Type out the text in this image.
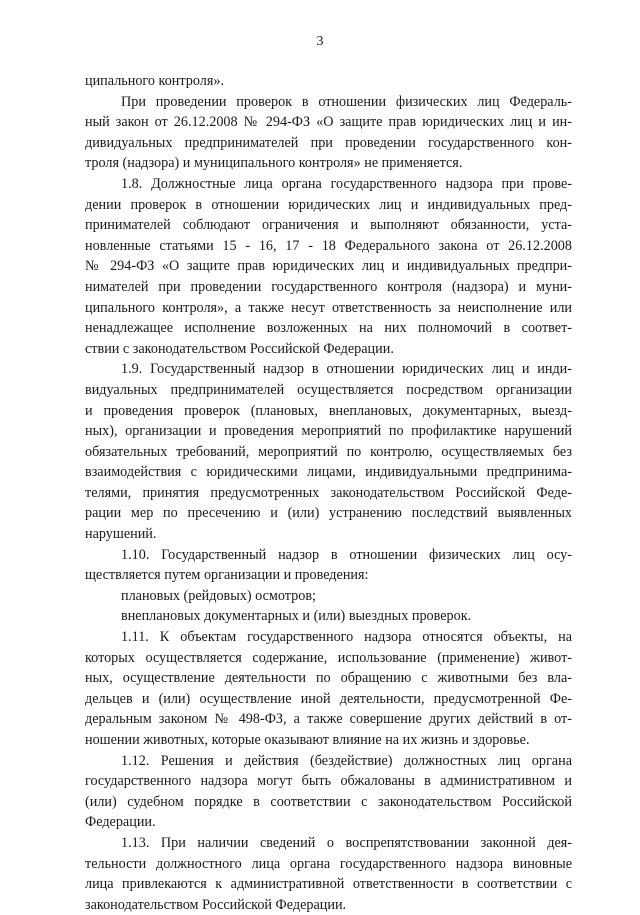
3
ципального контроля».
При проведении проверок в отношении физических лиц Федераль-
ный закон от 26.12.2008 № 294-ФЗ «О защите прав юридических лиц и ин-
дивидуальных предпринимателей при проведении государственного кон-
троля (надзора) и муниципального контроля» не применяется.
1.8. Должностные лица органа государственного надзора при прове-
дении проверок в отношении юридических лиц и индивидуальных пред-
принимателей соблюдают ограничения и выполняют обязанности, уста-
новленные статьями 15 - 16, 17 - 18 Федерального закона от 26.12.2008
№ 294-ФЗ «О защите прав юридических лиц и индивидуальных предпри-
нимателей при проведении государственного контроля (надзора) и муни-
ципального контроля», а также несут ответственность за неисполнение или
ненадлежащее исполнение возложенных на них полномочий в соответ-
ствии с законодательством Российской Федерации.
1.9. Государственный надзор в отношении юридических лиц и инди-
видуальных предпринимателей осуществляется посредством организации
и проведения проверок (плановых, внеплановых, документарных, выезд-
ных), организации и проведения мероприятий по профилактике нарушений
обязательных требований, мероприятий по контролю, осуществляемых без
взаимодействия с юридическими лицами, индивидуальными предпринима-
телями, принятия предусмотренных законодательством Российской Феде-
рации мер по пресечению и (или) устранению последствий выявленных
нарушений.
1.10. Государственный надзор в отношении физических лиц осу-
ществляется путем организации и проведения:
плановых (рейдовых) осмотров;
внеплановых документарных и (или) выездных проверок.
1.11. К объектам государственного надзора относятся объекты, на
которых осуществляется содержание, использование (применение) живот-
ных, осуществление деятельности по обращению с животными без вла-
дельцев и (или) осуществление иной деятельности, предусмотренной Фе-
деральным законом № 498-ФЗ, а также совершение других действий в от-
ношении животных, которые оказывают влияние на их жизнь и здоровье.
1.12. Решения и действия (бездействие) должностных лиц органа
государственного надзора могут быть обжалованы в административном и
(или) судебном порядке в соответствии с законодательством Российской
Федерации.
1.13. При наличии сведений о воспрепятствовании законной дея-
тельности должностного лица органа государственного надзора виновные
лица привлекаются к административной ответственности в соответствии с
законодательством Российской Федерации.
